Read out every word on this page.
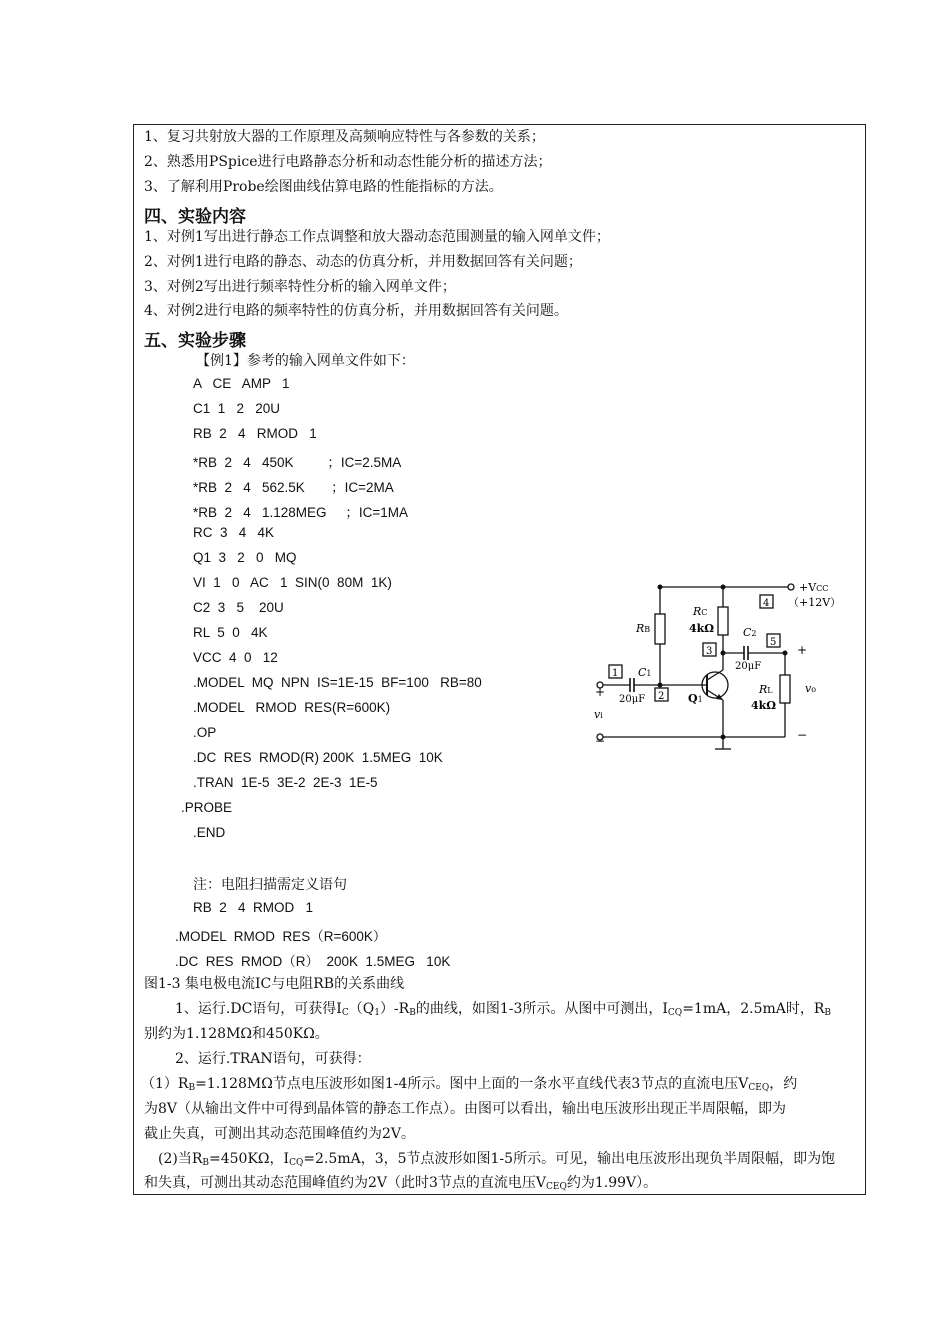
1、复习共射放大器的工作原理及高频响应特性与各参数的关系；
2、熟悉用PSpice进行电路静态分析和动态性能分析的描述方法；
3、了解利用Probe绘图曲线估算电路的性能指标的方法。
四、实验内容
1、对例1写出进行静态工作点调整和放大器动态范围测量的输入网单文件；
2、对例1进行电路的静态、动态的仿真分析，并用数据回答有关问题；
3、对例2写出进行频率特性分析的输入网单文件；
4、对例2进行电路的频率特性的仿真分析，并用数据回答有关问题。
五、实验步骤
【例1】参考的输入网单文件如下：
A   CE   AMP   1
C1  1   2   20U
RB  2   4   RMOD   1
*RB  2   4   450K         ；IC=2.5MA
*RB  2   4   562.5K       ；IC=2MA
*RB  2   4   1.128MEG     ；IC=1MA
RC  3   4   4K
Q1  3   2   0   MQ
VI  1   0   AC   1  SIN(0  80M  1K)
C2  3   5    20U
RL  5  0   4K
VCC  4  0   12
.MODEL  MQ  NPN  IS=1E-15  BF=100   RB=80
.MODEL   RMOD  RES(R=600K)
.OP
.DC  RES  RMOD(R) 200K  1.5MEG  10K
.TRAN  1E-5  3E-2  2E-3  1E-5
.PROBE
.END
注：电阻扫描需定义语句
RB  2   4  RMOD   1
.MODEL  RMOD  RES（R=600K）
.DC  RES  RMOD（R）  200K  1.5MEG   10K
图1-3 集电极电流IC与电阻RB的关系曲线
1、运行.DC语句，可获得$I_C(Q_1)-R_B$的曲线，如图1-3所示。从图中可测出，$I_{CQ}=1mA$，2.5mA时，$R_B$
别约为1.128MΩ和450KΩ。
2、运行.TRAN语句，可获得：
$(1)R_B=1.128M\Omega$节点电压波形如图1-4所示。图中上面的一条水平直线代表3节点的直流电压$V_{CEQ}$，约
为8V（从输出文件中可得到晶体管的静态工作点）。由图可以看出，输出电压波形出现正半周限幅，即为
截止失真，可测出其动态范围峰值约为2V。
(2)当$R_B=450K\Omega$，$I_{CQ}=2.5mA$，3，5节点波形如图1-5所示。可见，输出电压波形出现负半周限幅，即为饱
和失真，可测出其动态范围峰值约为2V（此时3节点的直流电压$V_{CEQ}$约为1.99V）。
+VCC
（+12V）
RB
RC
4kΩ	C2
20μF
C1
20μF
RL
4kΩ
Q1
vi
vo
+
+
−	−
1
2
3
4
5
